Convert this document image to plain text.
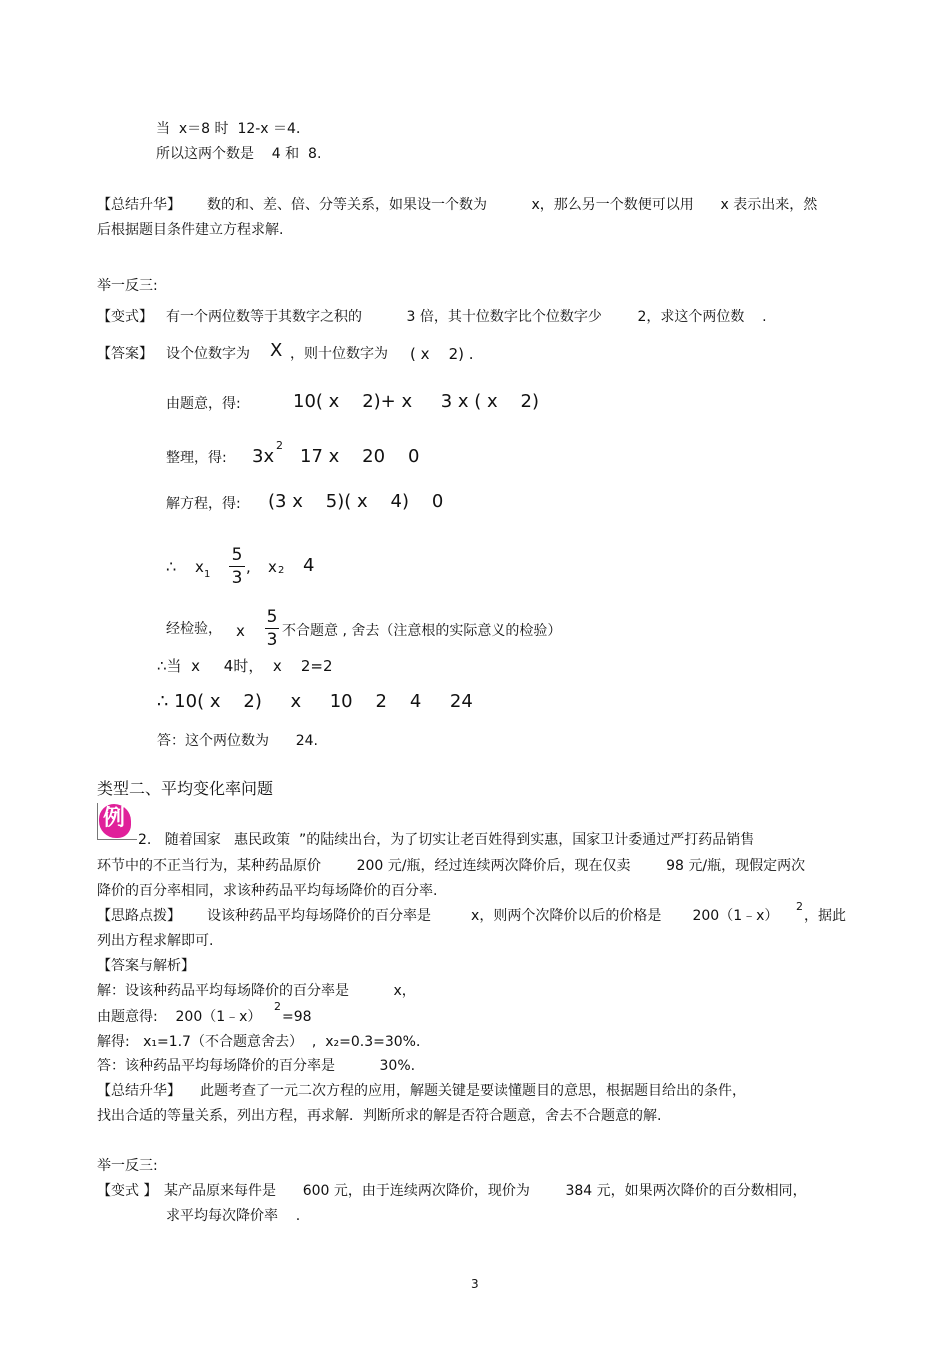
当  x＝8 时  12-x ＝4．
所以这两个数是    4 和  8.
【总结升华】 数的和、差、倍、分等关系，如果设一个数为          x，那么另一个数便可以用      x 表示出来，然
后根据题目条件建立方程求解.
举一反三:
【变式】 有一个两位数等于其数字之积的          3 倍，其十位数字比个位数字少        2，求这个两位数    .
【答案】 设个位数字为 X ，则十位数字为 ( x    2) .
由题意，得:	10( x    2)+ x     3 x ( x    2)
整理，得: 3x
2
17 x    20    0
解方程，得: (3 x    5)( x    4)    0
∴ x 1
5
3
, x 2 4
经检验， x
5
3 不合题意 , 舍去（注意根的实际意义的检验）
∴当  x     4时，  x    2=2
∴ 10( x    2)     x     10    2    4     24
答：这个两位数为      24.
类型二、平均变化率问题
例
2.   随着国家   惠民政策  ”的陆续出台，为了切实让老百姓得到实惠，国家卫计委通过严打药品销售
环节中的不正当行为，某种药品原价        200 元/瓶，经过连续两次降价后，现在仅卖        98 元/瓶，现假定两次
降价的百分率相同，求该种药品平均每场降价的百分率.
【思路点拨】 设该种药品平均每场降价的百分率是         x，则两个次降价以后的价格是       200（1﹣x）
2
，据此
列出方程求解即可.
【答案与解析】
解：设该种药品平均每场降价的百分率是          x，
由题意得:    200（1﹣x）
2
=98
解得:   x₁=1.7（不合题意舍去）  ,  x₂=0.3=30%．
答：该种药品平均每场降价的百分率是          30%.
【总结升华】 此题考查了一元二次方程的应用，解题关键是要读懂题目的意思，根据题目给出的条件，
找出合适的等量关系，列出方程，再求解．判断所求的解是否符合题意，舍去不合题意的解.
举一反三:
【变式 】 某产品原来每件是      600 元，由于连续两次降价，现价为        384 元，如果两次降价的百分数相同，
求平均每次降价率    .
3
